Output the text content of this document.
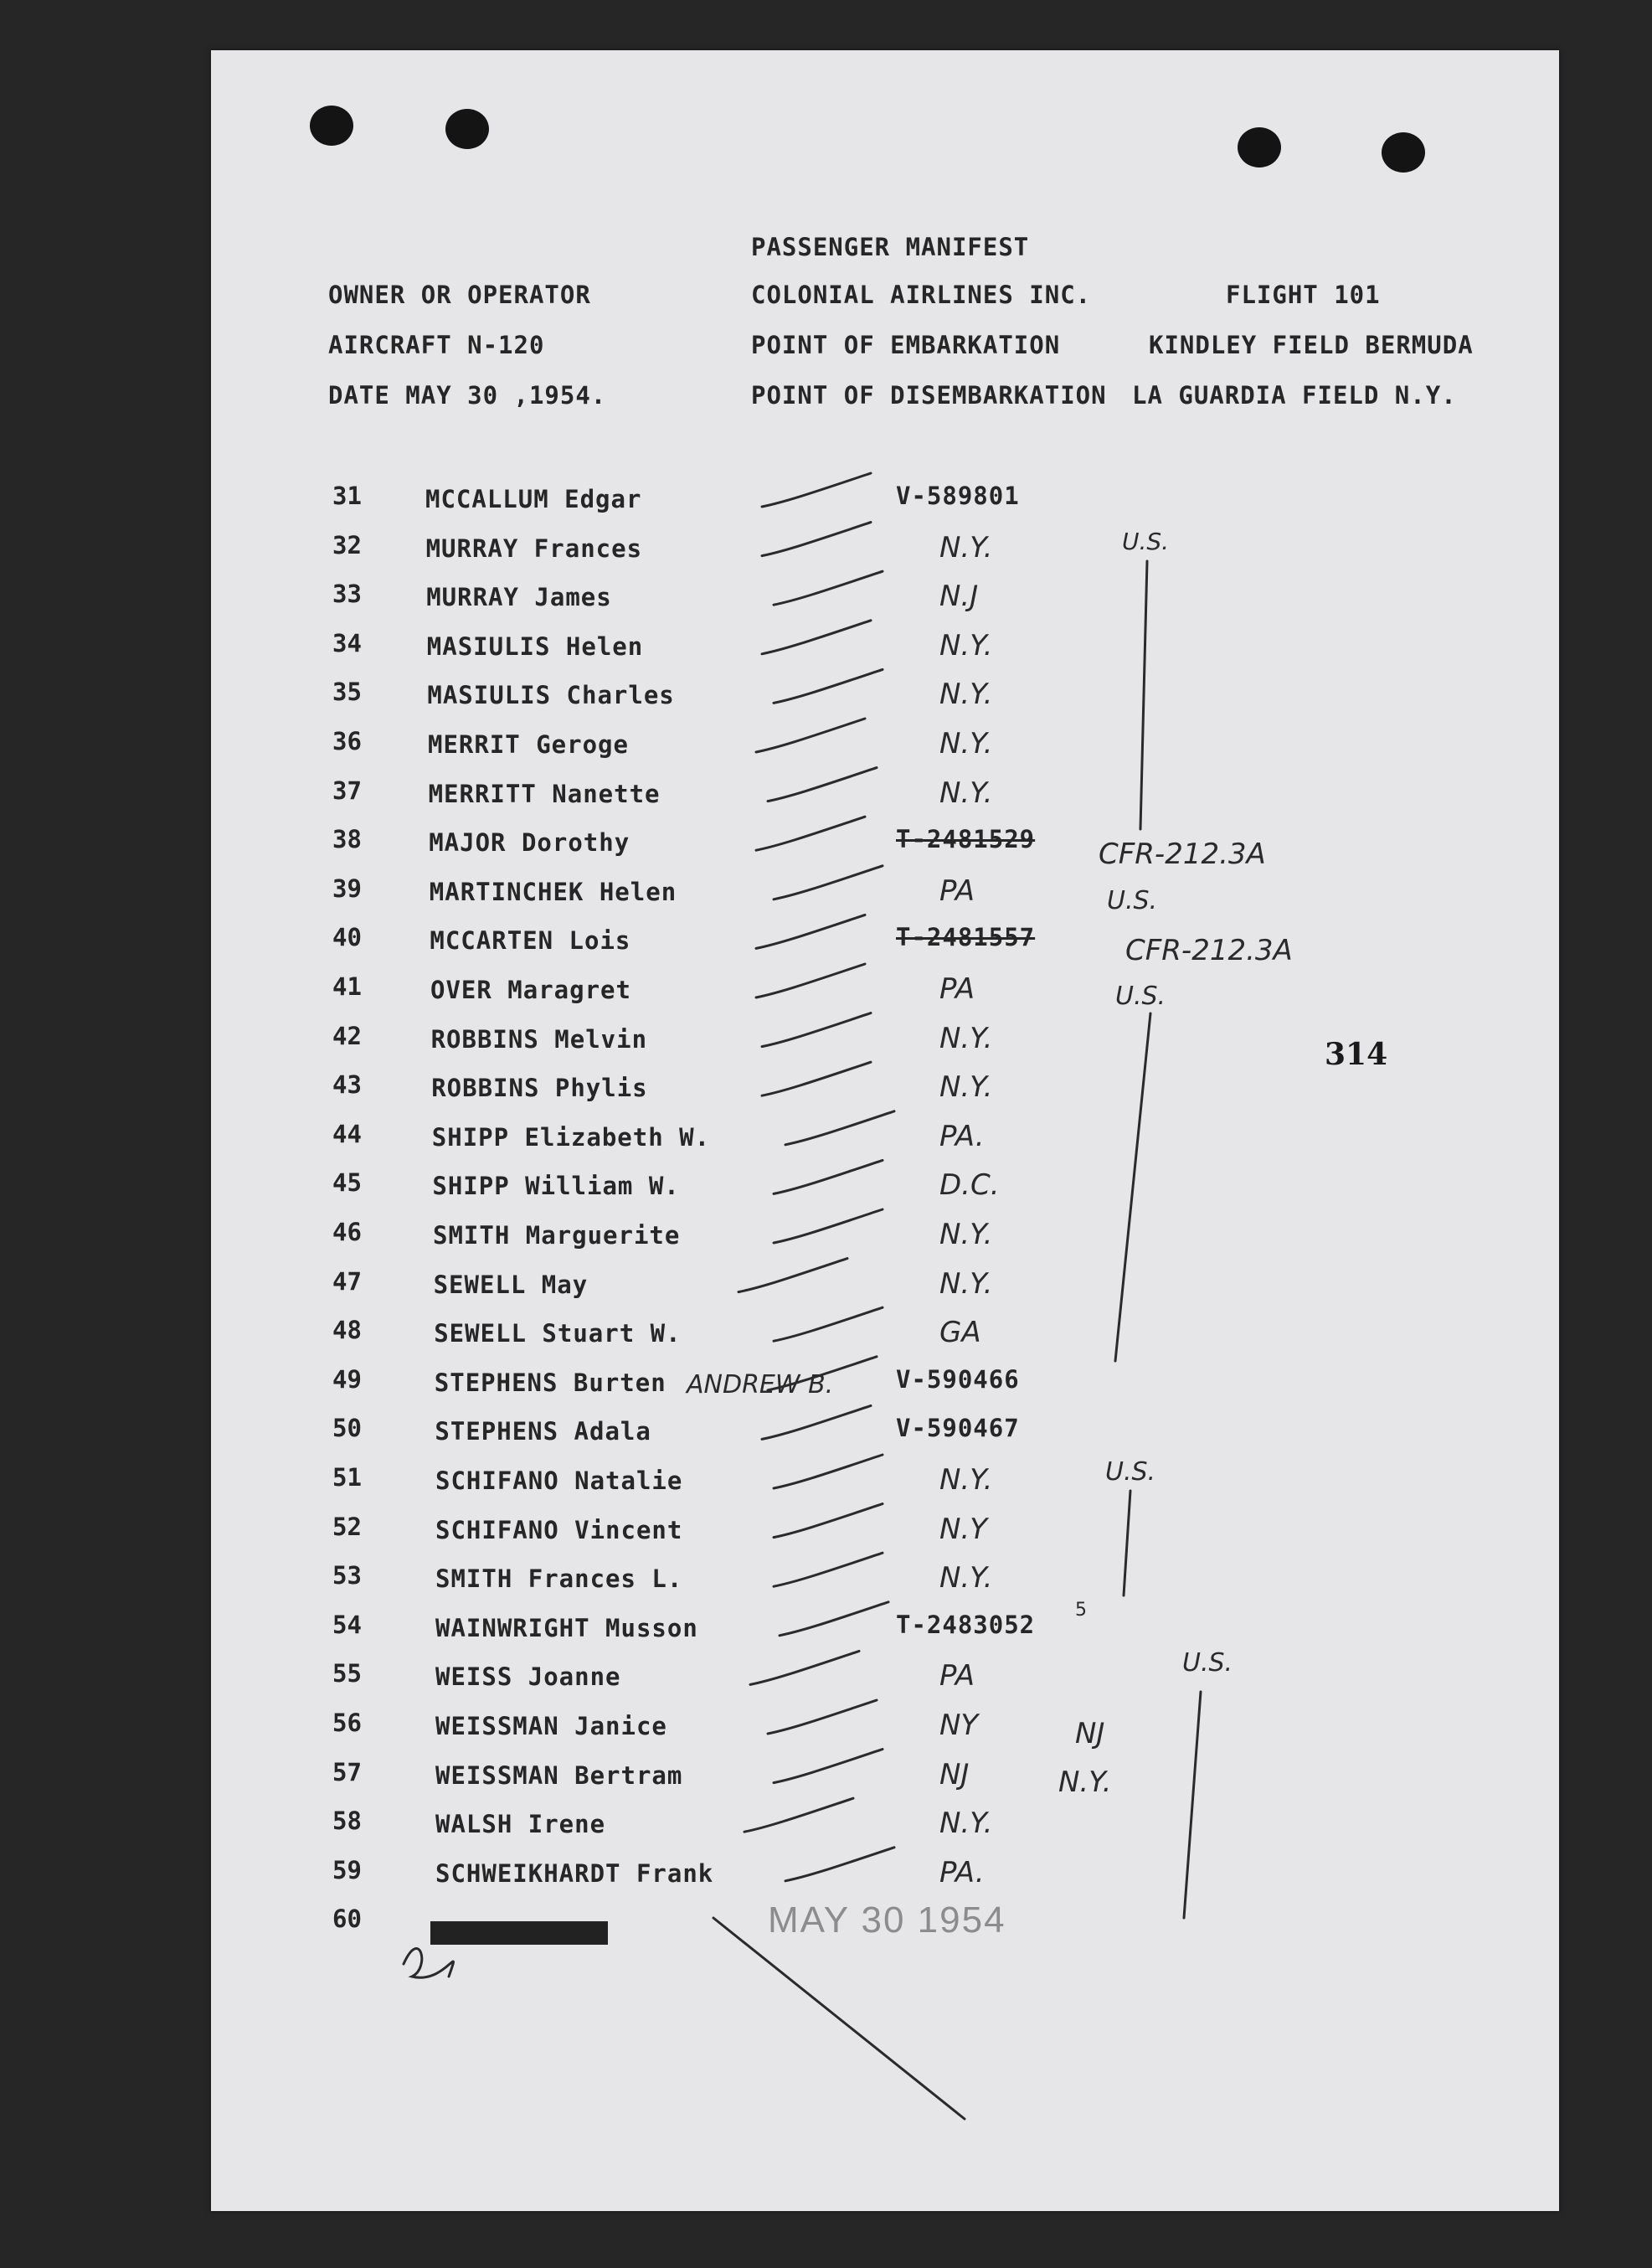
PASSENGER MANIFEST
OWNER OR OPERATOR	COLONIAL AIRLINES INC.	FLIGHT 101
AIRCRAFT N-120	POINT OF EMBARKATION	KINDLEY FIELD BERMUDA
DATE MAY 30 ,1954.	POINT OF DISEMBARKATION LA GUARDIA FIELD N.Y.
31	MCCALLUM Edgar	V-589801
32	MURRAY Frances	N.Y.
33	MURRAY James	N.J
34	MASIULIS Helen	N.Y.
35	MASIULIS Charles	N.Y.
36	MERRIT Geroge	N.Y.
37	MERRITT Nanette	N.Y.
38	MAJOR Dorothy	T-2481529
39	MARTINCHEK Helen	PA
40	MCCARTEN Lois	T-2481557
41	OVER Maragret	PA
42	ROBBINS Melvin	N.Y.
43	ROBBINS Phylis	N.Y.
44	SHIPP Elizabeth W.	PA.
45	SHIPP William W.	D.C.
46	SMITH Marguerite	N.Y.
47	SEWELL May	N.Y.
48	SEWELL Stuart W.	GA
49	STEPHENS Burten	V-590466
50	STEPHENS Adala	V-590467
51	SCHIFANO Natalie	N.Y.
52	SCHIFANO Vincent	N.Y
53	SMITH Frances L.	N.Y.
54	WAINWRIGHT Musson	T-2483052
55	WEISS Joanne	PA
56	WEISSMAN Janice	NY
57	WEISSMAN Bertram	NJ
58	WALSH Irene	N.Y.
59	SCHWEIKHARDT Frank	PA.
60
U.S.
CFR-212.3A
U.S.
CFR-212.3A
U.S.
ANDREW B.
U.S.
5
U.S.
NJ
N.Y.
MAY 30 1954
314
